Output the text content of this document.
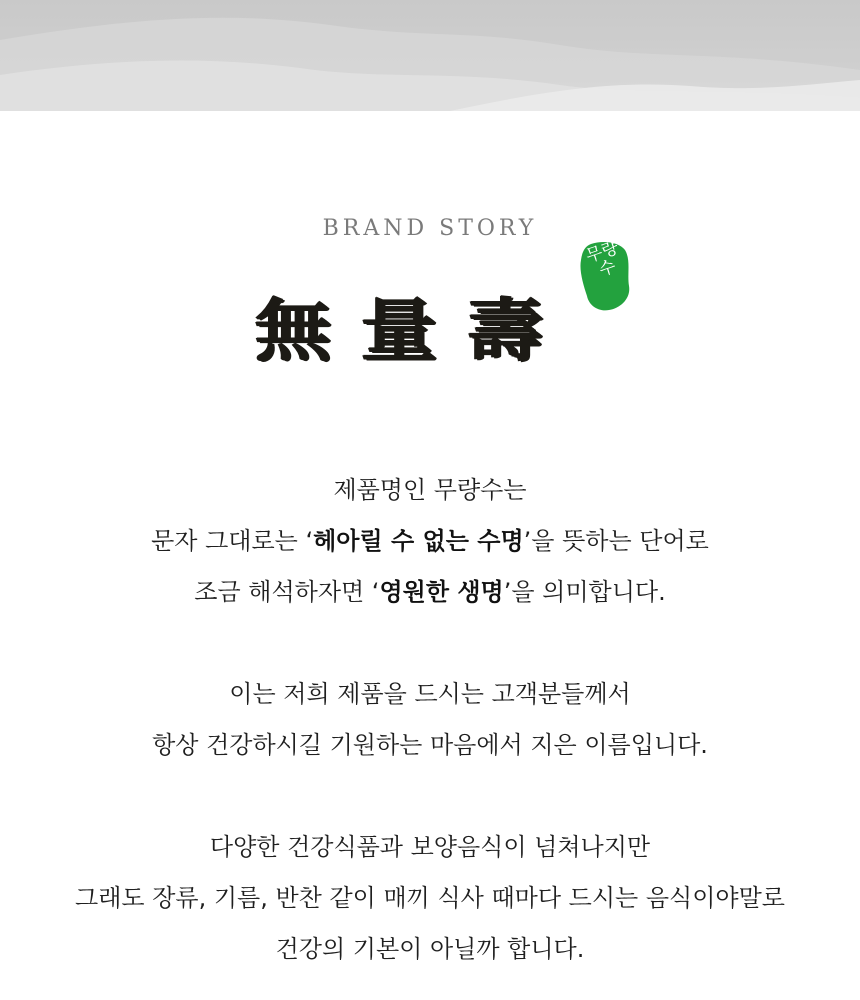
BRAND STORY
無量壽
무량수
제품명인 무량수는
문자 그대로는 ‘헤아릴 수 없는 수명’을 뜻하는 단어로
조금 해석하자면 ‘영원한 생명’을 의미합니다.
이는 저희 제품을 드시는 고객분들께서
항상 건강하시길 기원하는 마음에서 지은 이름입니다.
다양한 건강식품과 보양음식이 넘쳐나지만
그래도 장류, 기름, 반찬 같이 매끼 식사 때마다 드시는 음식이야말로
건강의 기본이 아닐까 합니다.
